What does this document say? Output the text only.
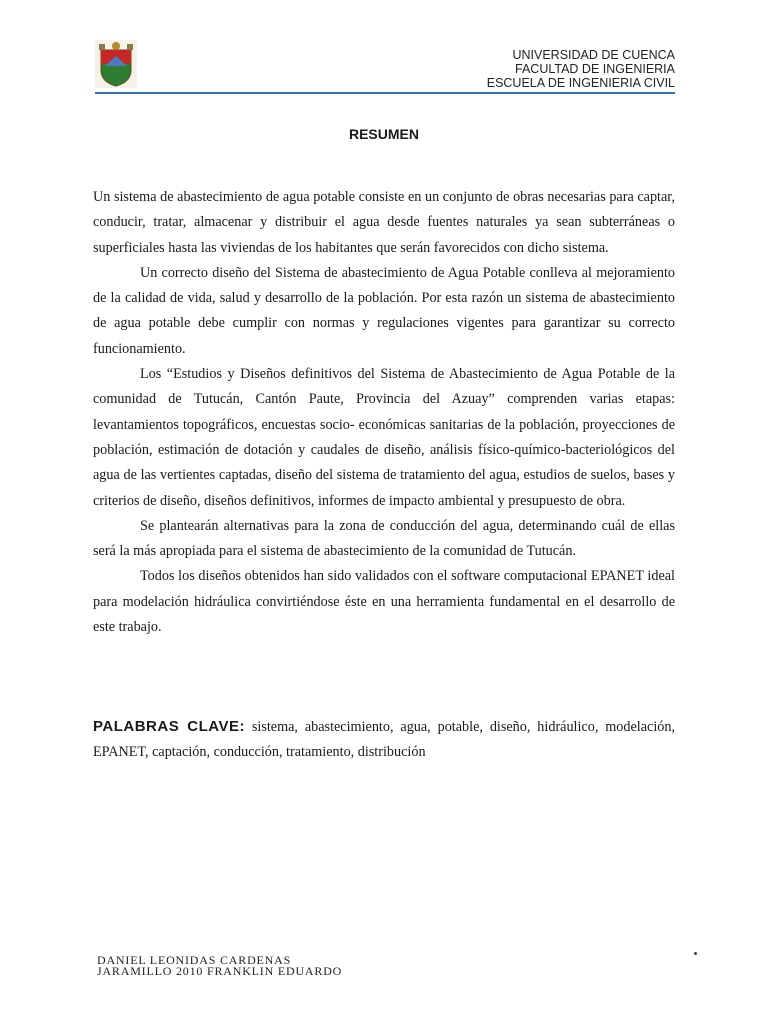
UNIVERSIDAD DE CUENCA
FACULTAD DE INGENIERIA
ESCUELA DE INGENIERIA CIVIL
RESUMEN

Un sistema de abastecimiento de agua potable consiste en un conjunto de obras necesarias para captar, conducir, tratar, almacenar y distribuir el agua desde fuentes naturales ya sean subterráneas o superficiales hasta las viviendas de los habitantes que serán favorecidos con dicho sistema.

Un correcto diseño del Sistema de abastecimiento de Agua Potable conlleva al mejoramiento de la calidad de vida, salud y desarrollo de la población. Por esta razón un sistema de abastecimiento de agua potable debe cumplir con normas y regulaciones vigentes para garantizar su correcto funcionamiento.

Los “Estudios y Diseños definitivos del Sistema de Abastecimiento de Agua Potable de la comunidad de Tutucán, Cantón Paute, Provincia del Azuay” comprenden varias etapas: levantamientos topográficos, encuestas socio- económicas sanitarias de la población, proyecciones de población, estimación de dotación y caudales de diseño, análisis físico-químico-bacteriológicos del agua de las vertientes captadas, diseño del sistema de tratamiento del agua, estudios de suelos, bases y criterios de diseño, diseños definitivos, informes de impacto ambiental y presupuesto de obra.

Se plantearán alternativas para la zona de conducción del agua, determinando cuál de ellas será la más apropiada para el sistema de abastecimiento de la comunidad de Tutucán.

Todos los diseños obtenidos han sido validados con el software computacional EPANET ideal para modelación hidráulica convirtiéndose éste en una herramienta fundamental en el desarrollo de este trabajo.

PALABRAS CLAVE: sistema, abastecimiento, agua, potable, diseño, hidráulico, modelación, EPANET, captación, conducción, tratamiento, distribución
DANIEL LEONIDAS CARDENAS
JARAMILLO 2010 FRANKLIN EDUARDO
